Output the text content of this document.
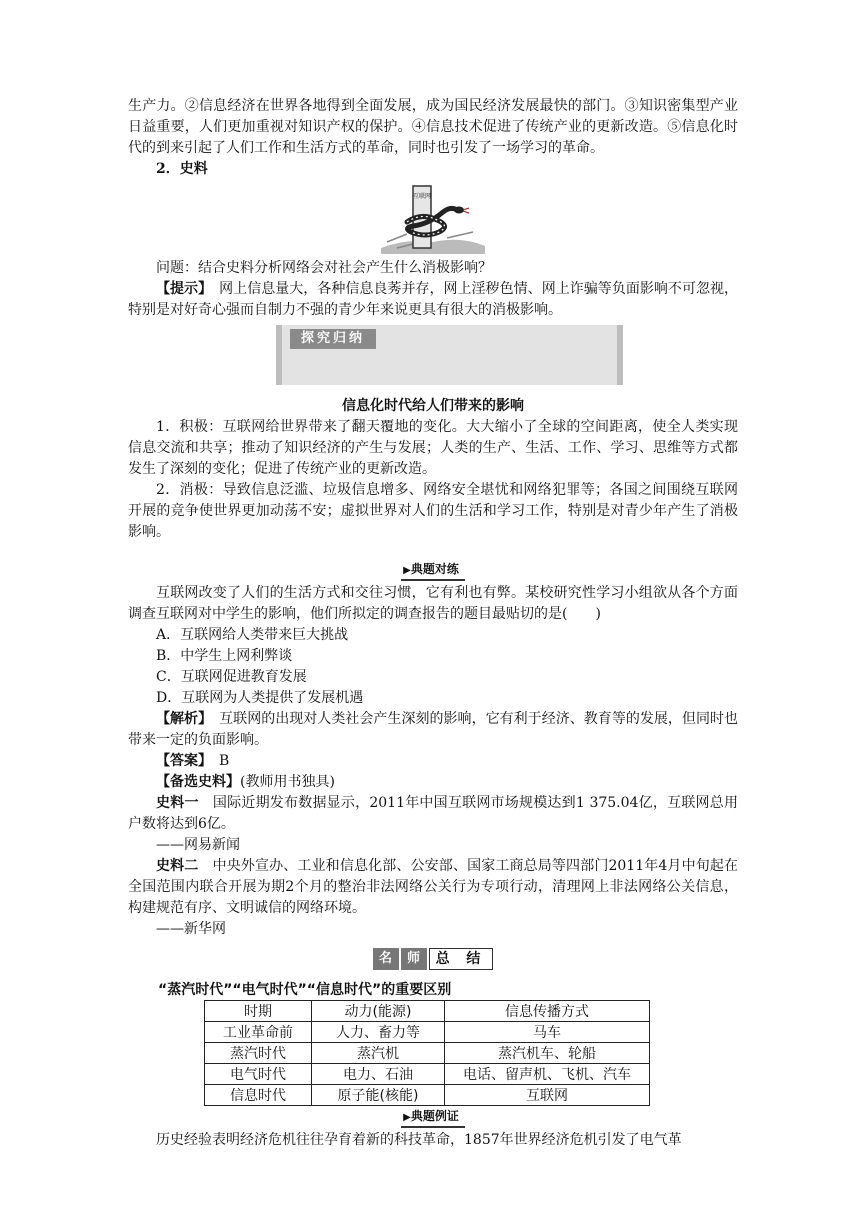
生产力。②信息经济在世界各地得到全面发展，成为国民经济发展最快的部门。③知识密集型产业日益重要，人们更加重视对知识产权的保护。④信息技术促进了传统产业的更新改造。⑤信息化时代的到来引起了人们工作和生活方式的革命，同时也引发了一场学习的革命。

2．史料

互联网

问题：结合史料分析网络会对社会产生什么消极影响？

【提示】　 网上信息量大，各种信息良莠并存，网上淫秽色情、网上诈骗等负面影响不可忽视，特别是对好奇心强而自制力不强的青少年来说更具有很大的消极影响。

探究归纳
信息化时代给人们带来的影响

1．积极：互联网给世界带来了翻天覆地的变化。大大缩小了全球的空间距离，使全人类实现信息交流和共享；推动了知识经济的产生与发展；人类的生产、生活、工作、学习、思维等方式都发生了深刻的变化；促进了传统产业的更新改造。

2．消极：导致信息泛滥、垃圾信息增多、网络安全堪忧和网络犯罪等；各国之间围绕互联网开展的竞争使世界更加动荡不安；虚拟世界对人们的生活和学习工作，特别是对青少年产生了消极影响。

▶典题对练

互联网改变了人们的生活方式和交往习惯，它有利也有弊。某校研究性学习小组欲从各个方面调查互联网对中学生的影响，他们所拟定的调查报告的题目最贴切的是(　　)

A．互联网给人类带来巨大挑战
B．中学生上网利弊谈
C．互联网促进教育发展
D．互联网为人类提供了发展机遇

【解析】　 互联网的出现对人类社会产生深刻的影响，它有利于经济、教育等的发展，但同时也带来一定的负面影响。

【答案】　 B

【备选史料】(教师用书独具)

史料一　 国际近期发布数据显示，2011年中国互联网市场规模达到1 375.04亿，互联网总用户数将达到6亿。

——网易新闻

史料二　 中央外宣办、工业和信息化部、公安部、国家工商总局等四部门2011年4月中旬起在全国范围内联合开展为期2个月的整治非法网络公关行为专项行动，清理网上非法网络公关信息，构建规范有序、文明诚信的网络环境。

——新华网

名	师	总 结
“蒸汽时代”“电气时代”“信息时代”的重要区别
时期	动力(能源)	信息传播方式
工业革命前	人力、畜力等	马车
蒸汽时代	蒸汽机	蒸汽机车、轮船
电气时代	电力、石油	电话、留声机、飞机、汽车
信息时代	原子能(核能)	互联网
▶典题例证

历史经验表明经济危机往往孕育着新的科技革命，1857年世界经济危机引发了电气革
